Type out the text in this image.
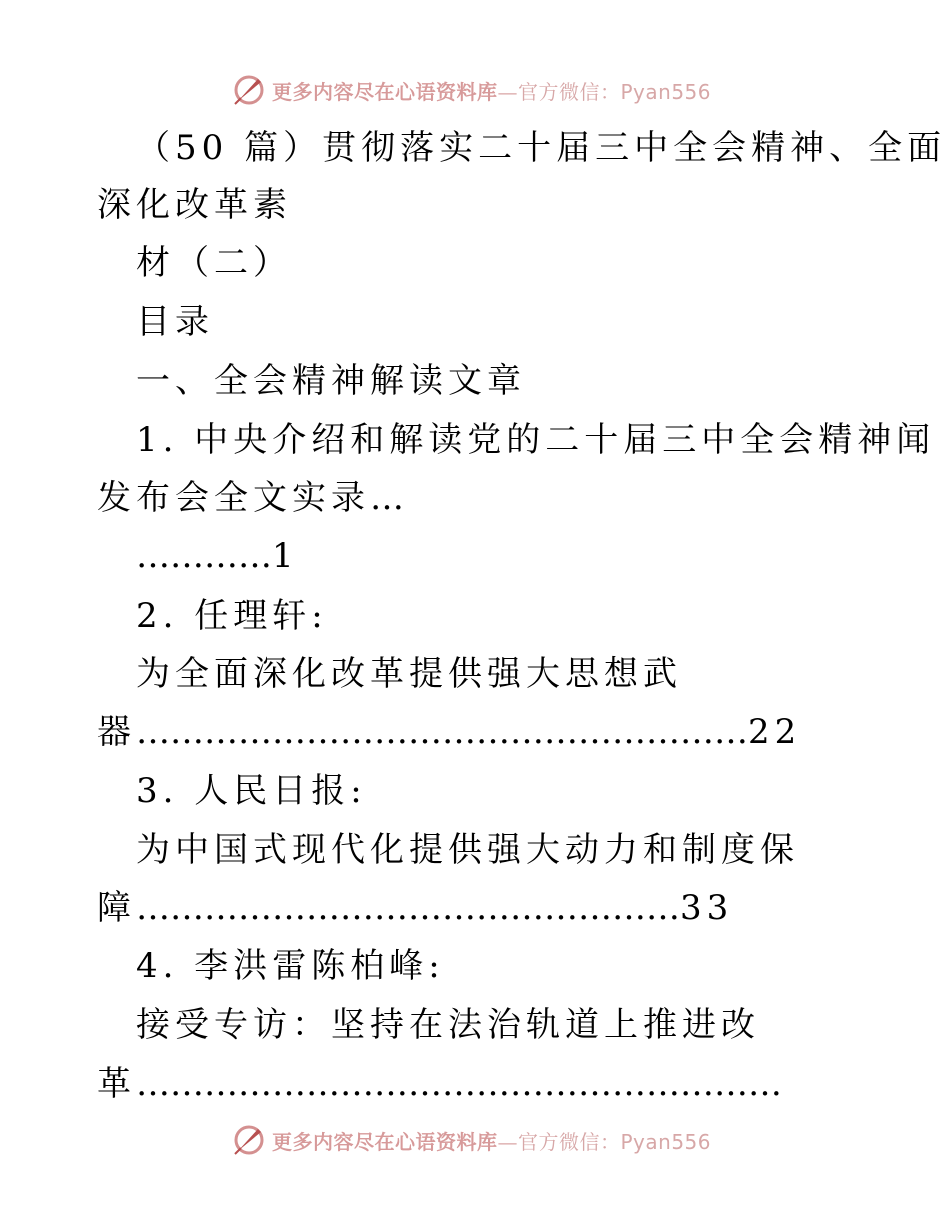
更多内容尽在心语资料库—官方微信：Pyan556
（50 篇）贯彻落实二十届三中全会精神、全面
深化改革素
材（二）
目录
一、全会精神解读文章
1. 中央介绍和解读党的二十届三中全会精神闻
发布会全文实录…
…………1
2. 任理轩:
为全面深化改革提供强大思想武
器………………………………………………22
3. 人民日报:
为中国式现代化提供强大动力和制度保
障…………………………………………33
4. 李洪雷陈柏峰:
接受专访：坚持在法治轨道上推进改
革…………………………………………………
更多内容尽在心语资料库—官方微信：Pyan556
